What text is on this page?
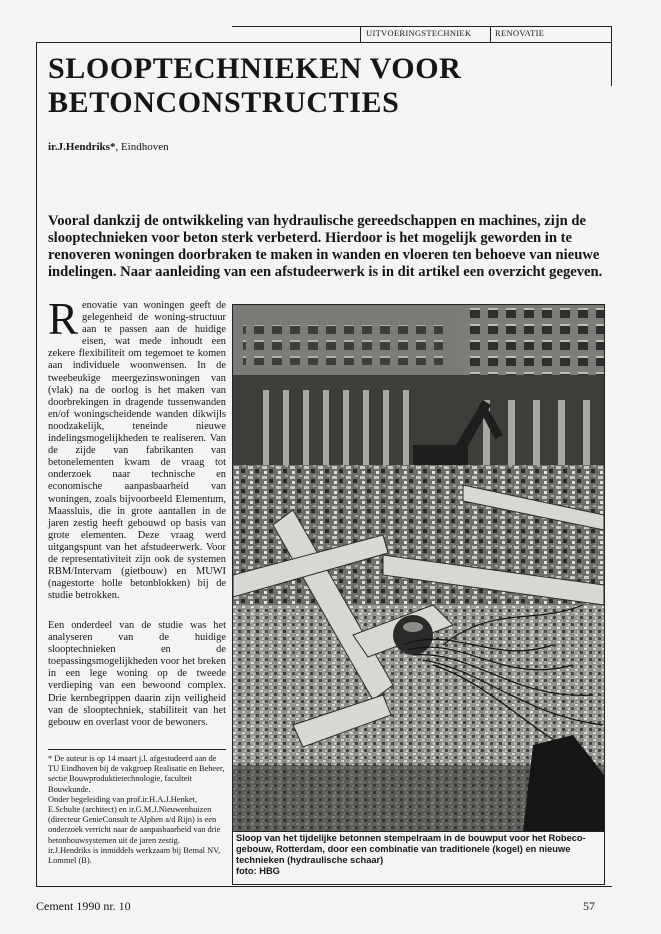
UITVOERINGSTECHNIEK	RENOVATIE
SLOOPTECHNIEKEN VOOR
BETONCONSTRUCTIES
ir.J.Hendriks*, Eindhoven

Vooral dankzij de ontwikkeling van hydraulische gereedschappen en machines, zijn de slooptechnieken voor beton sterk verbeterd. Hierdoor is het mogelijk geworden in te renoveren woningen doorbraken te maken in wanden en vloeren ten behoeve van nieuwe indelingen. Naar aanleiding van een afstudeerwerk is in dit artikel een overzicht gegeven.

Renovatie van woningen geeft de gelegenheid de woning-structuur aan te passen aan de huidige eisen, wat mede inhoudt een zekere flexibiliteit om tegemoet te komen aan individuele woonwensen. In de tweebeukige meergezinswoningen van (vlak) na de oorlog is het maken van doorbrekingen in dragende tussenwanden en/of woningscheidende wanden dikwijls noodzakelijk, teneinde nieuwe indelingsmogelijkheden te realiseren. Van de zijde van fabrikanten van betonelementen kwam de vraag tot onderzoek naar technische en economische aanpasbaarheid van woningen, zoals bijvoorbeeld Elementum, Maassluis, die in grote aantallen in de jaren zestig heeft gebouwd op basis van grote elementen. Deze vraag werd uitgangspunt van het afstudeerwerk. Voor de representativiteit zijn ook de systemen RBM/Intervam (gietbouw) en MUWI (nagestorte holle betonblokken) bij de studie betrokken.

Een onderdeel van de studie was het analyseren van de huidige slooptechnieken en de toepassingsmogelijkheden voor het breken in een lege woning op de tweede verdieping van een bewoond complex. Drie kernbegrippen daarin zijn veiligheid van de slooptechniek, stabiliteit van het gebouw en overlast voor de bewoners.

* De auteur is op 14 maart j.l. afgestudeerd aan de TU Eindhoven bij de vakgroep Realisatie en Beheer, sectie Bouwproduktietechnologie, faculteit Bouwkunde.

Onder begeleiding van prof.ir.H.A.J.Henket, E.Schulte (architect) en ir.G.M.J.Nieuwenhuizen (directeur GenieConsult te Alphen a/d Rijn) is een onderzoek verricht naar de aanpasbaarheid van drie betonbouwsystemen uit de jaren zestig.

ir.J.Hendriks is inmiddels werkzaam bij Bemal NV, Lommel (B).

Sloop van het tijdelijke betonnen stempelraam in de bouwput voor het Robeco-gebouw, Rotterdam, door een combinatie van traditionele (kogel) en nieuwe technieken (hydraulische schaar)

foto: HBG

Cement 1990 nr. 10	57
